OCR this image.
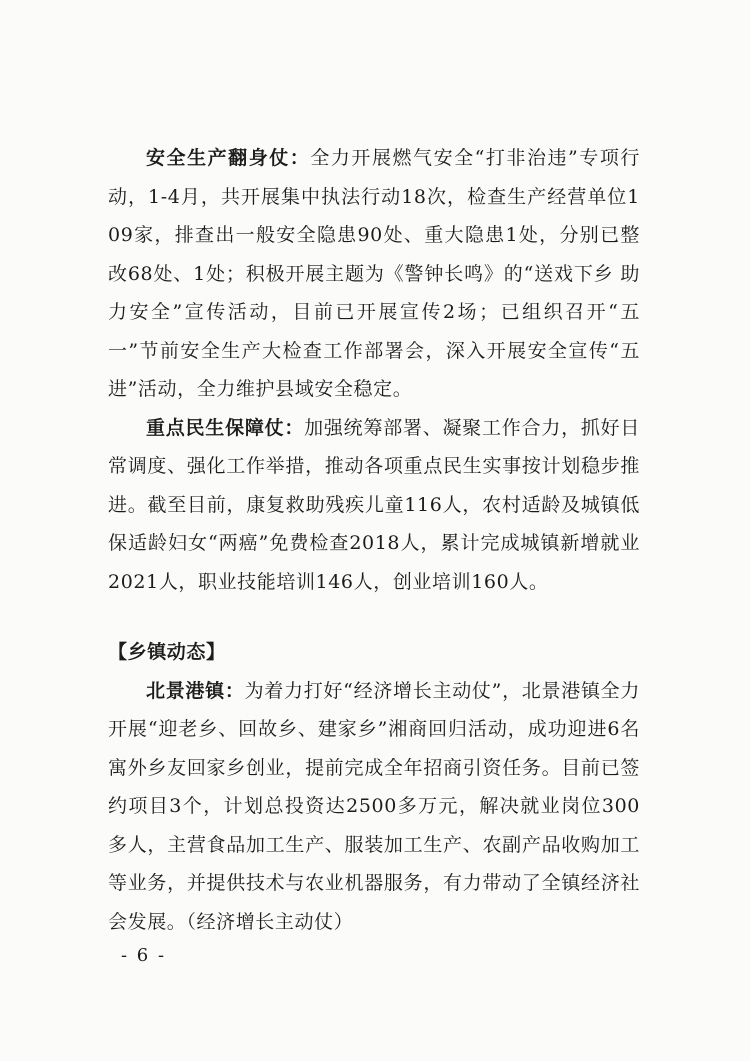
安全生产翻身仗：全力开展燃气安全“打非治违”专项行动，1-4月，共开展集中执法行动18次，检查生产经营单位109家，排查出一般安全隐患90处、重大隐患1处，分别已整改68处、1处；积极开展主题为《警钟长鸣》的“送戏下乡 助力安全”宣传活动，目前已开展宣传2场；已组织召开“五一”节前安全生产大检查工作部署会，深入开展安全宣传“五进”活动，全力维护县域安全稳定。

重点民生保障仗：加强统筹部署、凝聚工作合力，抓好日常调度、强化工作举措，推动各项重点民生实事按计划稳步推进。截至目前，康复救助残疾儿童116人，农村适龄及城镇低保适龄妇女“两癌”免费检查2018人，累计完成城镇新增就业2021人，职业技能培训146人，创业培训160人。

【乡镇动态】

北景港镇：为着力打好“经济增长主动仗”，北景港镇全力开展“迎老乡、回故乡、建家乡”湘商回归活动，成功迎进6名寓外乡友回家乡创业，提前完成全年招商引资任务。目前已签约项目3个，计划总投资达2500多万元，解决就业岗位300多人，主营食品加工生产、服装加工生产、农副产品收购加工等业务，并提供技术与农业机器服务，有力带动了全镇经济社会发展。（经济增长主动仗）

- 6 -
